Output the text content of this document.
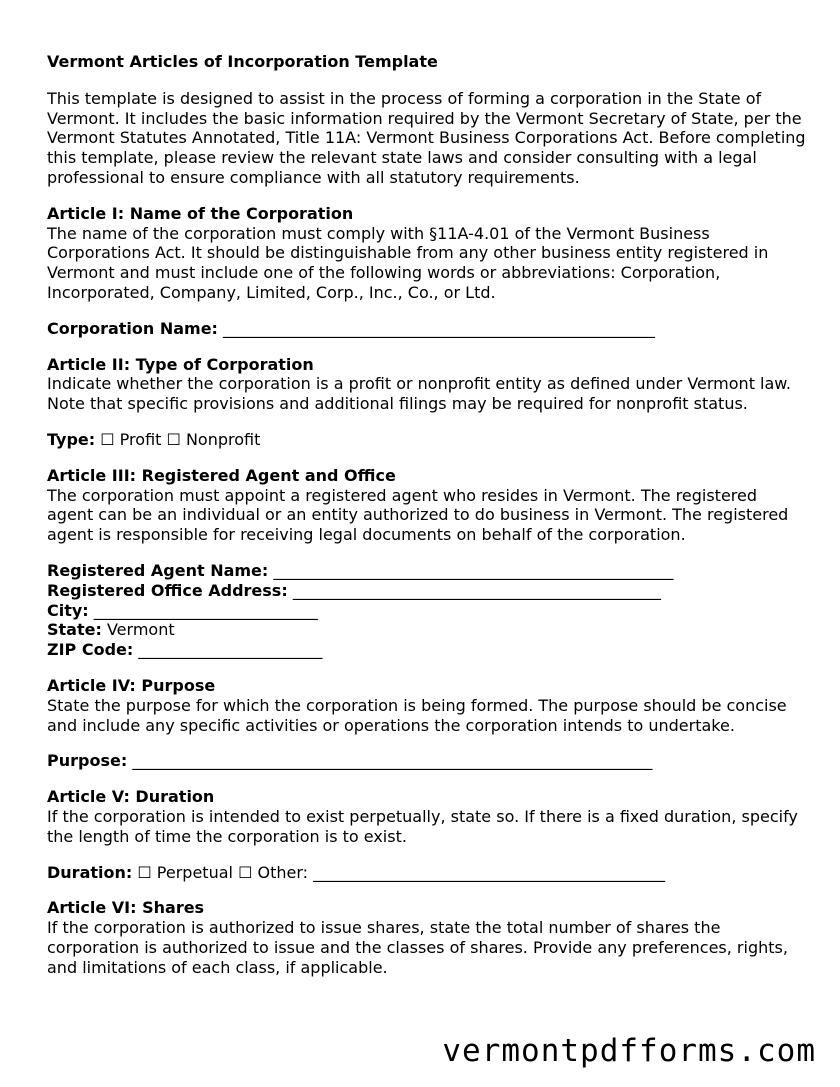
Vermont Articles of Incorporation Template

This template is designed to assist in the process of forming a corporation in the State of Vermont. It includes the basic information required by the Vermont Secretary of State, per the Vermont Statutes Annotated, Title 11A: Vermont Business Corporations Act. Before completing this template, please review the relevant state laws and consider consulting with a legal professional to ensure compliance with all statutory requirements.

Article I: Name of the Corporation

The name of the corporation must comply with §11A-4.01 of the Vermont Business Corporations Act. It should be distinguishable from any other business entity registered in Vermont and must include one of the following words or abbreviations: Corporation, Incorporated, Company, Limited, Corp., Inc., Co., or Ltd.

Corporation Name: ______________________________________________________

Article II: Type of Corporation

Indicate whether the corporation is a profit or nonprofit entity as defined under Vermont law. Note that specific provisions and additional filings may be required for nonprofit status.

Type: ☐ Profit ☐ Nonprofit

Article III: Registered Agent and Office

The corporation must appoint a registered agent who resides in Vermont. The registered agent can be an individual or an entity authorized to do business in Vermont. The registered agent is responsible for receiving legal documents on behalf of the corporation.

Registered Agent Name: __________________________________________________

Registered Office Address: ______________________________________________

City: ____________________________

State: Vermont

ZIP Code: _______________________

Article IV: Purpose

State the purpose for which the corporation is being formed. The purpose should be concise and include any specific activities or operations the corporation intends to undertake.

Purpose: _________________________________________________________________

Article V: Duration

If the corporation is intended to exist perpetually, state so. If there is a fixed duration, specify the length of time the corporation is to exist.

Duration: ☐ Perpetual ☐ Other: ____________________________________________

Article VI: Shares

If the corporation is authorized to issue shares, state the total number of shares the corporation is authorized to issue and the classes of shares. Provide any preferences, rights, and limitations of each class, if applicable.

vermontpdfforms.com
